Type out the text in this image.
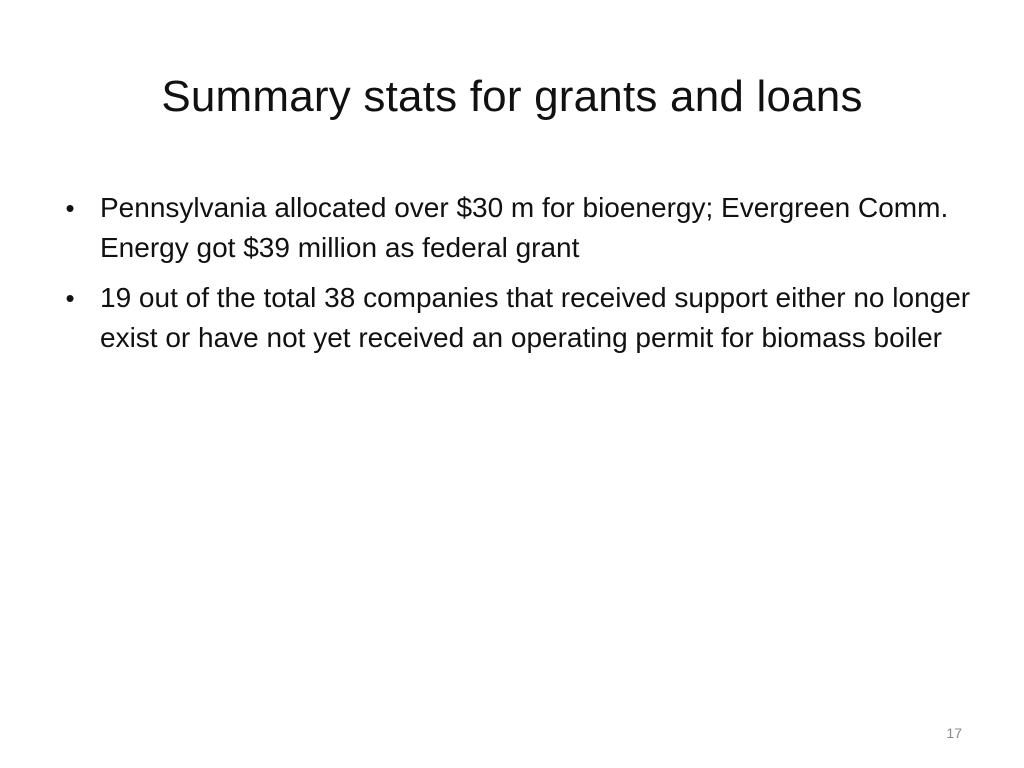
Summary stats for grants and loans
• Pennsylvania allocated over $30 m for bioenergy; Evergreen Comm. Energy got $39 million as federal grant
• 19 out of the total 38 companies that received support either no longer exist or have not yet received an operating permit for biomass boiler
17
